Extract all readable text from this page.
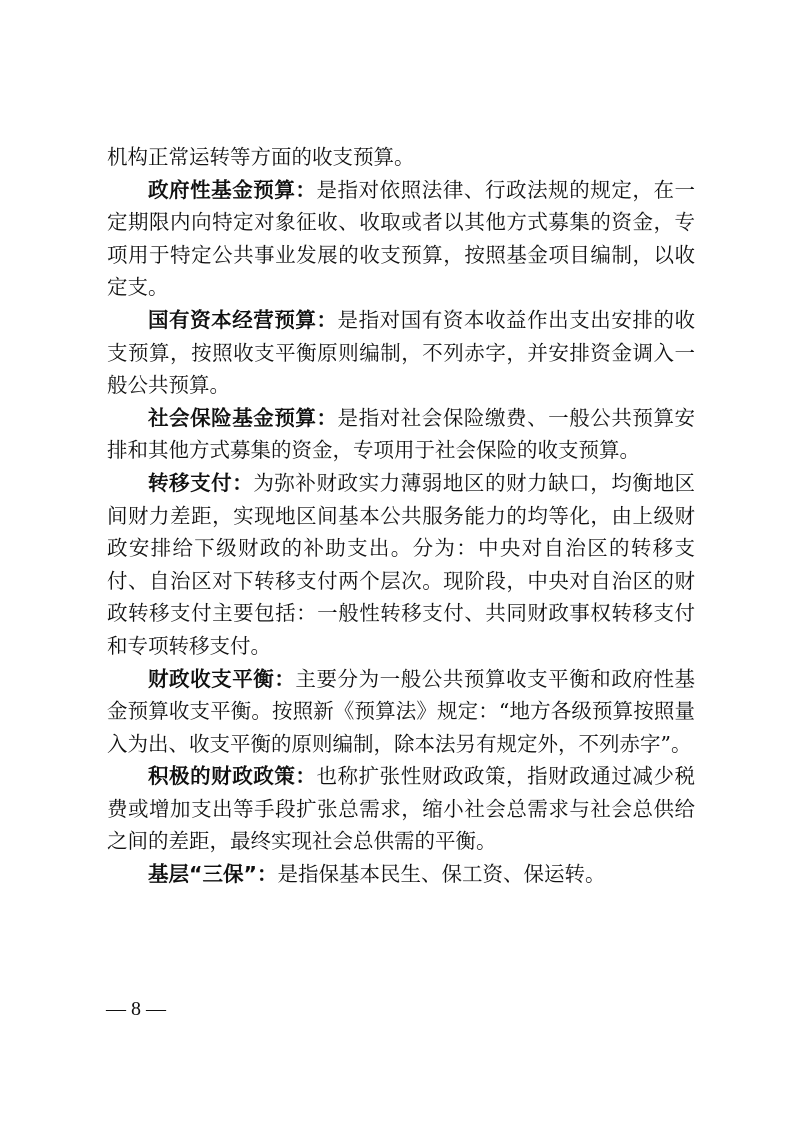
机构正常运转等方面的收支预算。

政府性基金预算：是指对依照法律、行政法规的规定，在一定期限内向特定对象征收、收取或者以其他方式募集的资金，专项用于特定公共事业发展的收支预算，按照基金项目编制，以收定支。

国有资本经营预算：是指对国有资本收益作出支出安排的收支预算，按照收支平衡原则编制，不列赤字，并安排资金调入一般公共预算。

社会保险基金预算：是指对社会保险缴费、一般公共预算安排和其他方式募集的资金，专项用于社会保险的收支预算。

转移支付：为弥补财政实力薄弱地区的财力缺口，均衡地区间财力差距，实现地区间基本公共服务能力的均等化，由上级财政安排给下级财政的补助支出。分为：中央对自治区的转移支付、自治区对下转移支付两个层次。现阶段，中央对自治区的财政转移支付主要包括：一般性转移支付、共同财政事权转移支付和专项转移支付。

财政收支平衡：主要分为一般公共预算收支平衡和政府性基金预算收支平衡。按照新《预算法》规定：“地方各级预算按照量入为出、收支平衡的原则编制，除本法另有规定外，不列赤字”。

积极的财政政策：也称扩张性财政政策，指财政通过减少税费或增加支出等手段扩张总需求，缩小社会总需求与社会总供给之间的差距，最终实现社会总供需的平衡。

基层“三保”：是指保基本民生、保工资、保运转。

— 8 —
